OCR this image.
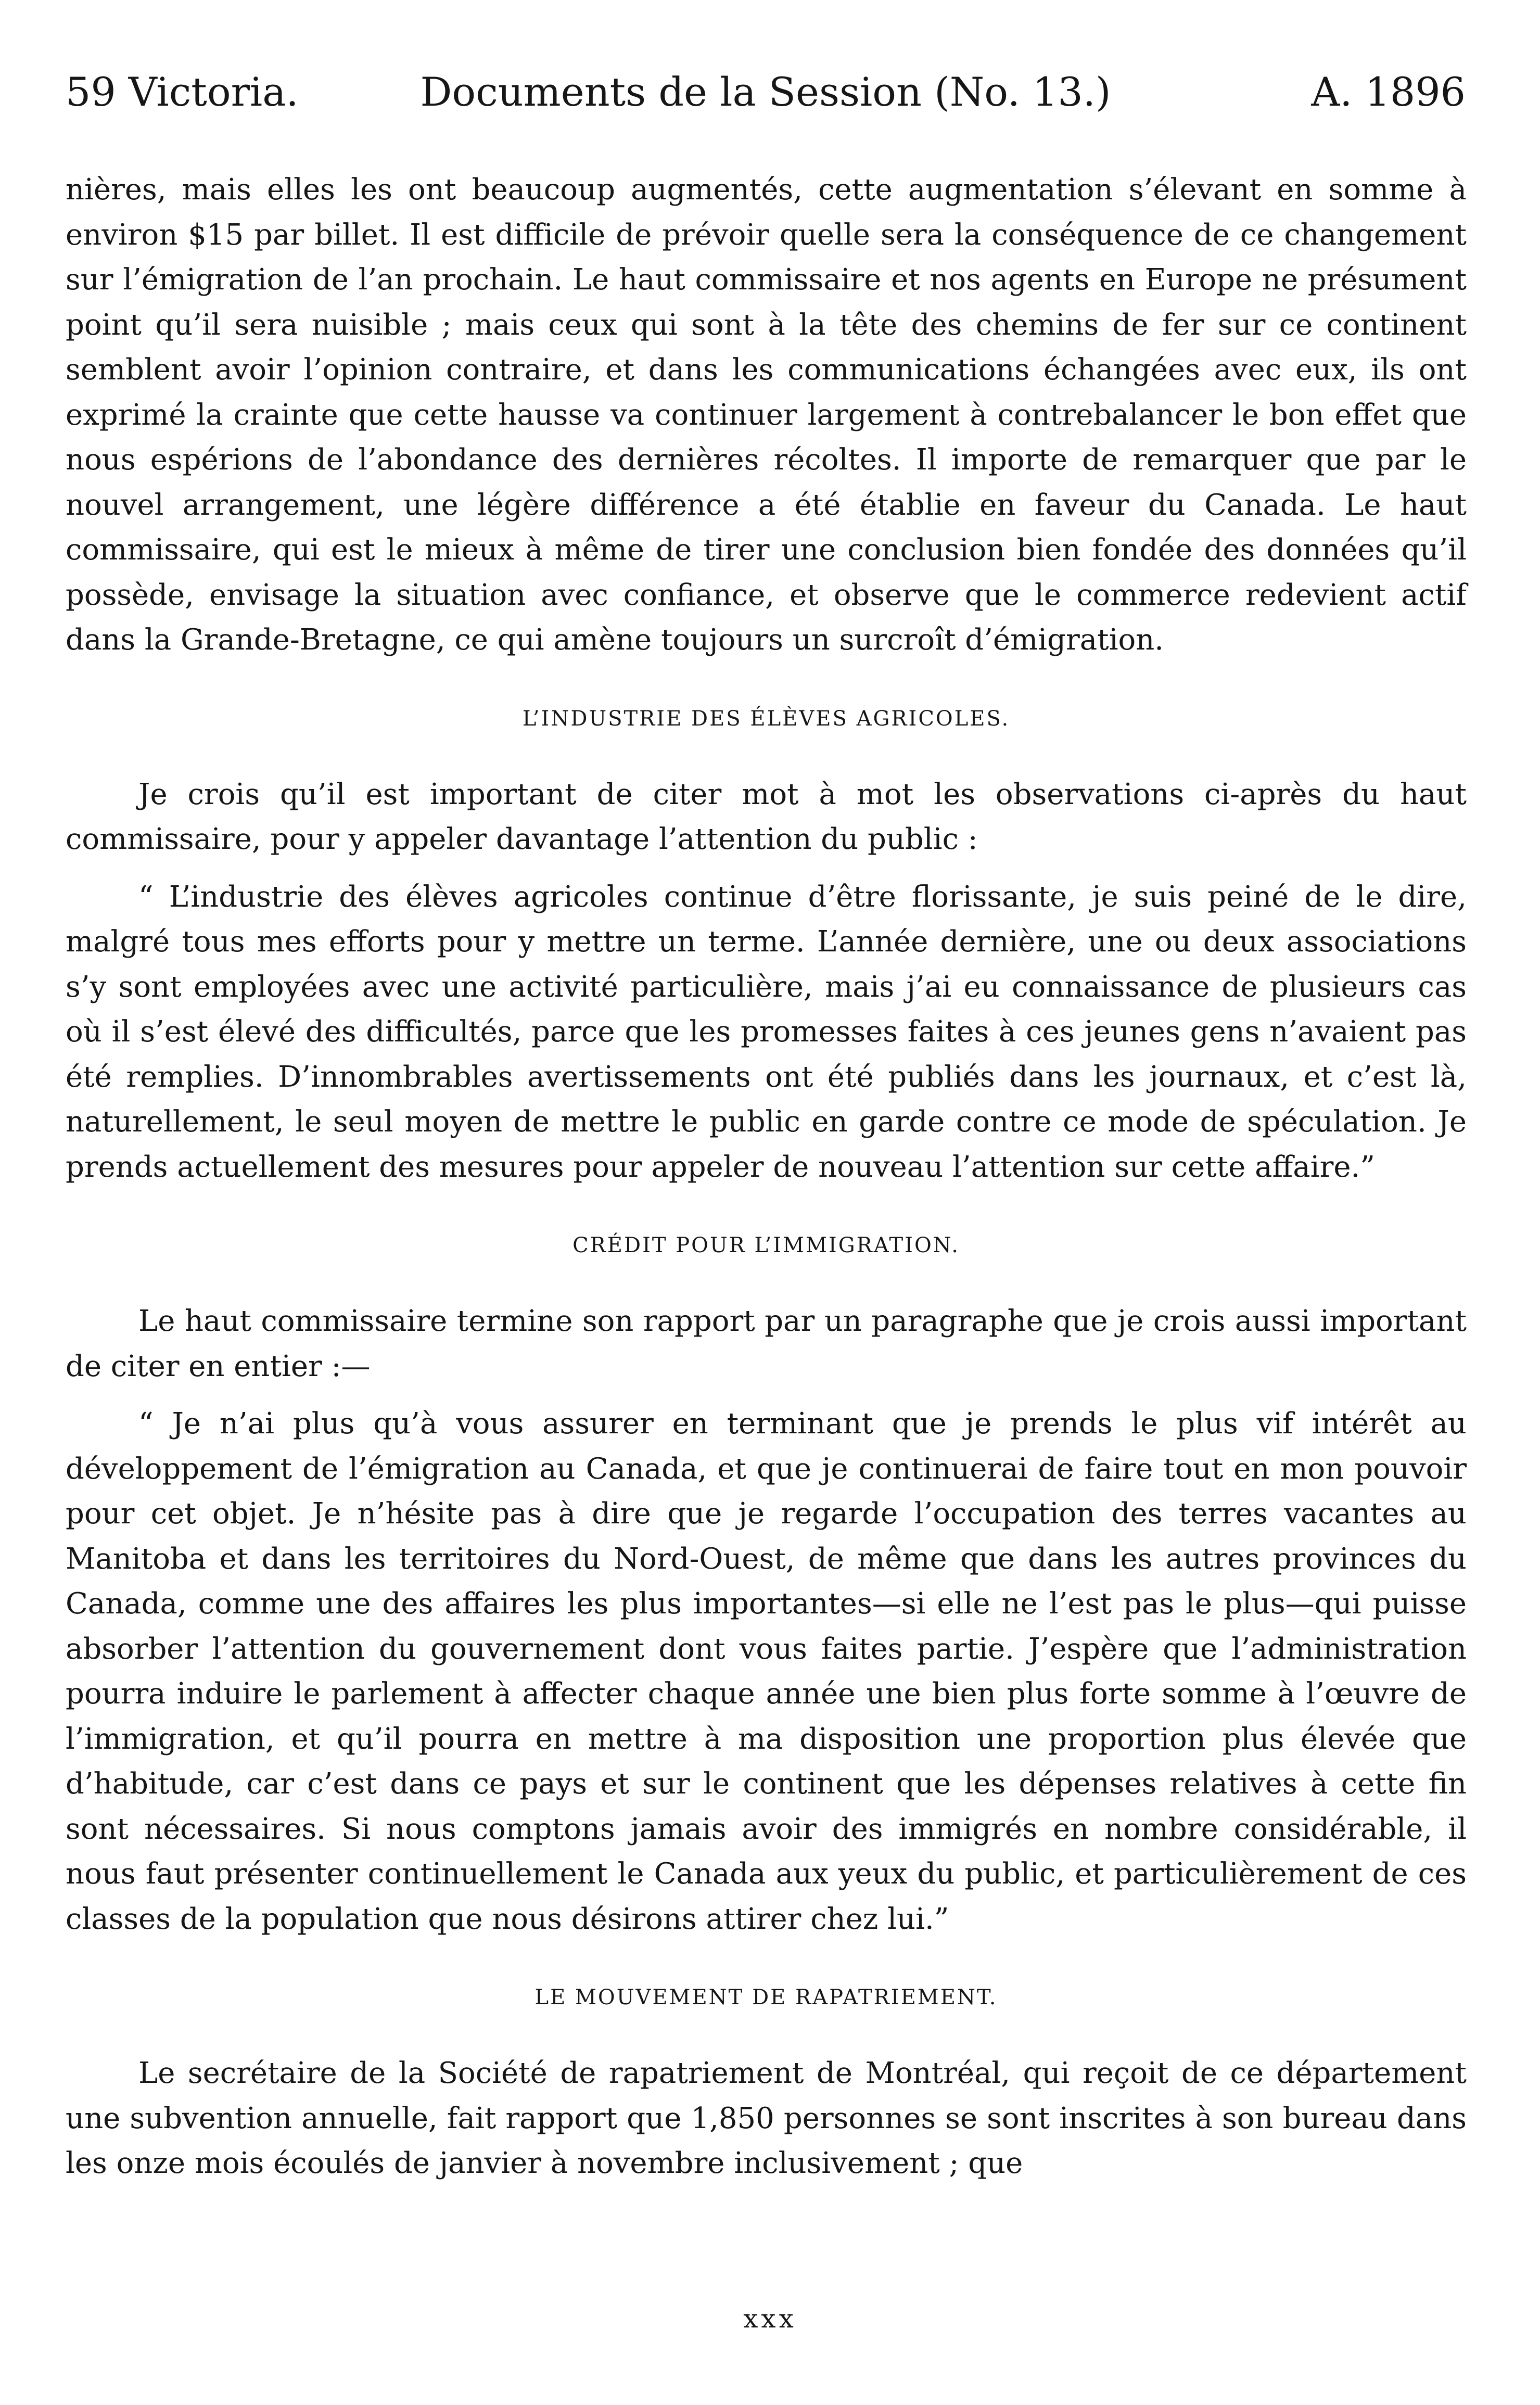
59 Victoria.	Documents de la Session (No. 13.)	A. 1896

nières, mais elles les ont beaucoup augmentés, cette augmentation s’élevant en somme à environ $15 par billet. Il est difficile de prévoir quelle sera la conséquence de ce changement sur l’émigration de l’an prochain. Le haut commissaire et nos agents en Europe ne présument point qu’il sera nuisible ; mais ceux qui sont à la tête des chemins de fer sur ce continent semblent avoir l’opinion contraire, et dans les communications échangées avec eux, ils ont exprimé la crainte que cette hausse va continuer largement à contrebalancer le bon effet que nous espérions de l’abondance des dernières récoltes. Il importe de remarquer que par le nouvel arrangement, une légère différence a été établie en faveur du Canada. Le haut commissaire, qui est le mieux à même de tirer une conclusion bien fondée des données qu’il possède, envisage la situation avec confiance, et observe que le commerce redevient actif dans la Grande-Bretagne, ce qui amène toujours un surcroît d’émigration.

L’INDUSTRIE DES ÉLÈVES AGRICOLES.

Je crois qu’il est important de citer mot à mot les observations ci-après du haut commissaire, pour y appeler davantage l’attention du public :

“ L’industrie des élèves agricoles continue d’être florissante, je suis peiné de le dire, malgré tous mes efforts pour y mettre un terme. L’année dernière, une ou deux associations s’y sont employées avec une activité particulière, mais j’ai eu connaissance de plusieurs cas où il s’est élevé des difficultés, parce que les promesses faites à ces jeunes gens n’avaient pas été remplies. D’innombrables avertissements ont été publiés dans les journaux, et c’est là, naturellement, le seul moyen de mettre le public en garde contre ce mode de spéculation. Je prends actuellement des mesures pour appeler de nouveau l’attention sur cette affaire.”

CRÉDIT POUR L’IMMIGRATION.

Le haut commissaire termine son rapport par un paragraphe que je crois aussi important de citer en entier :—

“ Je n’ai plus qu’à vous assurer en terminant que je prends le plus vif intérêt au développement de l’émigration au Canada, et que je continuerai de faire tout en mon pouvoir pour cet objet. Je n’hésite pas à dire que je regarde l’occupation des terres vacantes au Manitoba et dans les territoires du Nord-Ouest, de même que dans les autres provinces du Canada, comme une des affaires les plus importantes—si elle ne l’est pas le plus—qui puisse absorber l’attention du gouvernement dont vous faites partie. J’espère que l’administration pourra induire le parlement à affecter chaque année une bien plus forte somme à l’œuvre de l’immigration, et qu’il pourra en mettre à ma disposition une proportion plus élevée que d’habitude, car c’est dans ce pays et sur le continent que les dépenses relatives à cette fin sont nécessaires. Si nous comptons jamais avoir des immigrés en nombre considérable, il nous faut présenter continuellement le Canada aux yeux du public, et particulièrement de ces classes de la population que nous désirons attirer chez lui.”

LE MOUVEMENT DE RAPATRIEMENT.

Le secrétaire de la Société de rapatriement de Montréal, qui reçoit de ce département une subvention annuelle, fait rapport que 1,850 personnes se sont inscrites à son bureau dans les onze mois écoulés de janvier à novembre inclusivement ; que

xxx
